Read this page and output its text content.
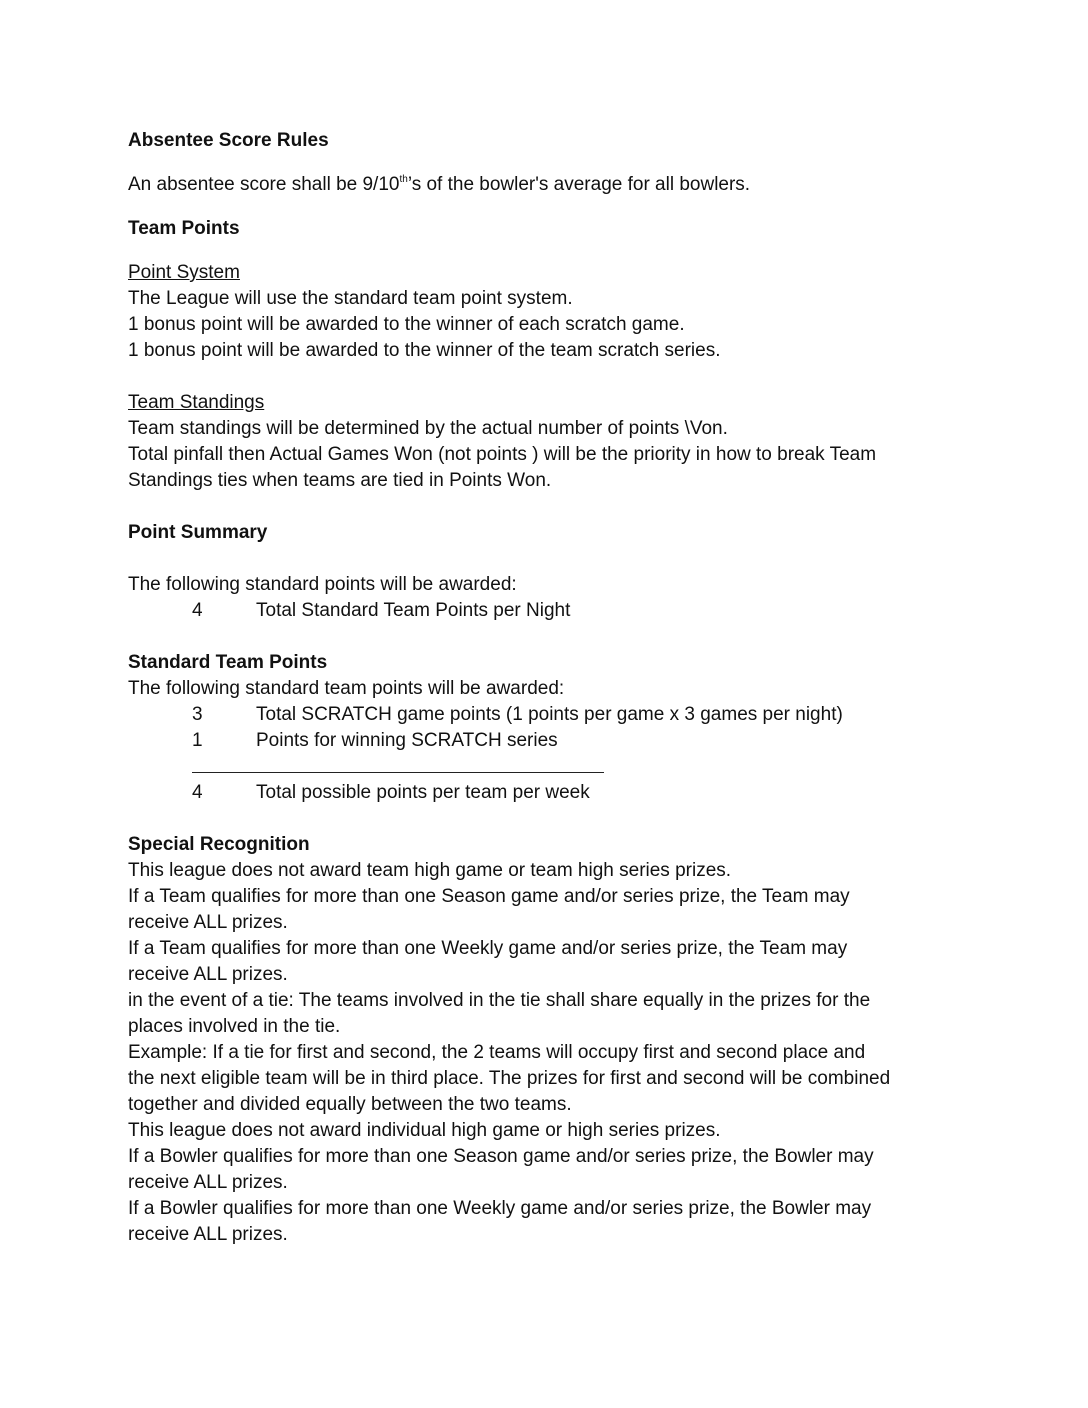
Absentee Score Rules
An absentee score shall be 9/10th’s of the bowler's average for all bowlers.
Team Points
Point System
The League will use the standard team point system.
1 bonus point will be awarded to the winner of each scratch game.
1 bonus point will be awarded to the winner of the team scratch series.
Team Standings
Team standings will be determined by the actual number of points \Von.
Total pinfall then Actual Games Won (not points ) will be the priority in how to break Team
Standings ties when teams are tied in Points Won.
Point Summary
The following standard points will be awarded:
4	Total Standard Team Points per Night
Standard Team Points
The following standard team points will be awarded:
3	Total SCRATCH game points (1 points per game x 3 games per night)
1	Points for winning SCRATCH series
4	Total possible points per team per week
Special Recognition
This league does not award team high game or team high series prizes.
If a Team qualifies for more than one Season game and/or series prize, the Team may
receive ALL prizes.
If a Team qualifies for more than one Weekly game and/or series prize, the Team may
receive ALL prizes.
in the event of a tie: The teams involved in the tie shall share equally in the prizes for the
places involved in the tie.
Example: If a tie for first and second, the 2 teams will occupy first and second place and
the next eligible team will be in third place. The prizes for first and second will be combined
together and divided equally between the two teams.
This league does not award individual high game or high series prizes.
If a Bowler qualifies for more than one Season game and/or series prize, the Bowler may
receive ALL prizes.
If a Bowler qualifies for more than one Weekly game and/or series prize, the Bowler may
receive ALL prizes.
